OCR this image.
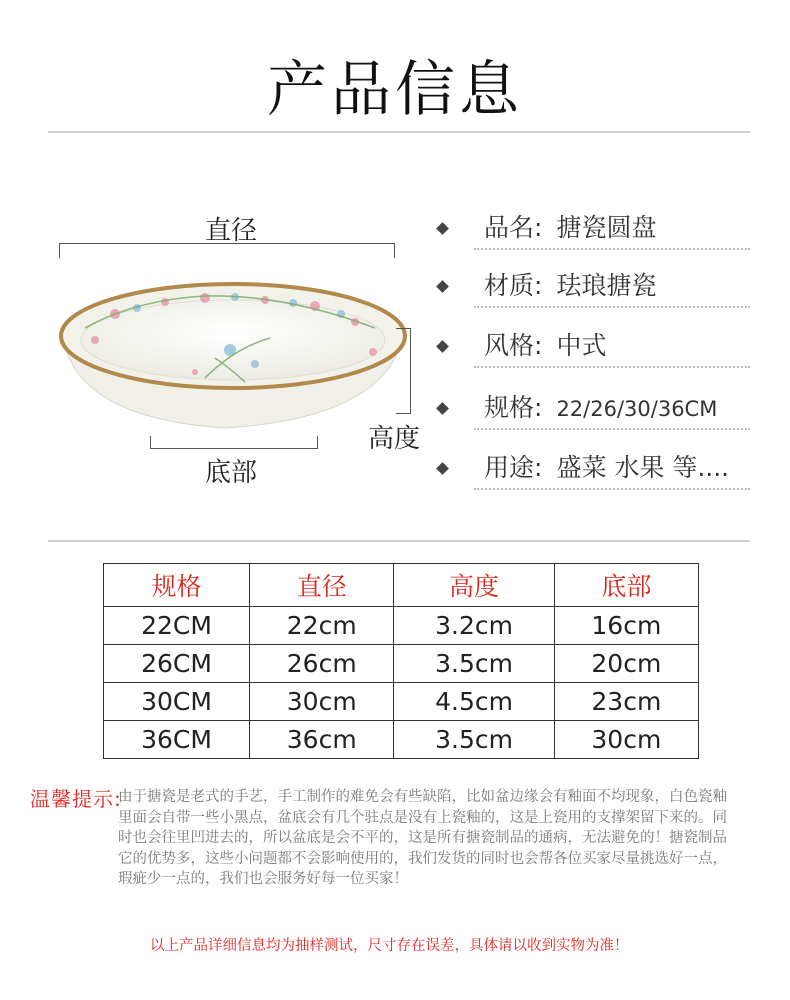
产品信息
直径
高度
底部
品名: 搪瓷圆盘
材质: 珐琅搪瓷
风格: 中式
规格: 22/26/30/36CM
用途: 盛菜 水果 等....
规格	直径	高度	底部
22CM	22cm	3.2cm	16cm
26CM	26cm	3.5cm	20cm
30CM	30cm	4.5cm	23cm
36CM	36cm	3.5cm	30cm
温馨提示:
由于搪瓷是老式的手艺，手工制作的难免会有些缺陷，比如盆边缘会有釉面不均现象，白色瓷釉里面会自带一些小黑点，盆底会有几个驻点是没有上瓷釉的，这是上瓷用的支撑架留下来的。同时也会往里凹进去的，所以盆底是会不平的，这是所有搪瓷制品的通病，无法避免的！搪瓷制品它的优势多，这些小问题都不会影响使用的，我们发货的同时也会帮各位买家尽量挑选好一点，瑕疵少一点的，我们也会服务好每一位买家！
以上产品详细信息均为抽样测试，尺寸存在误差，具体请以收到实物为准！
